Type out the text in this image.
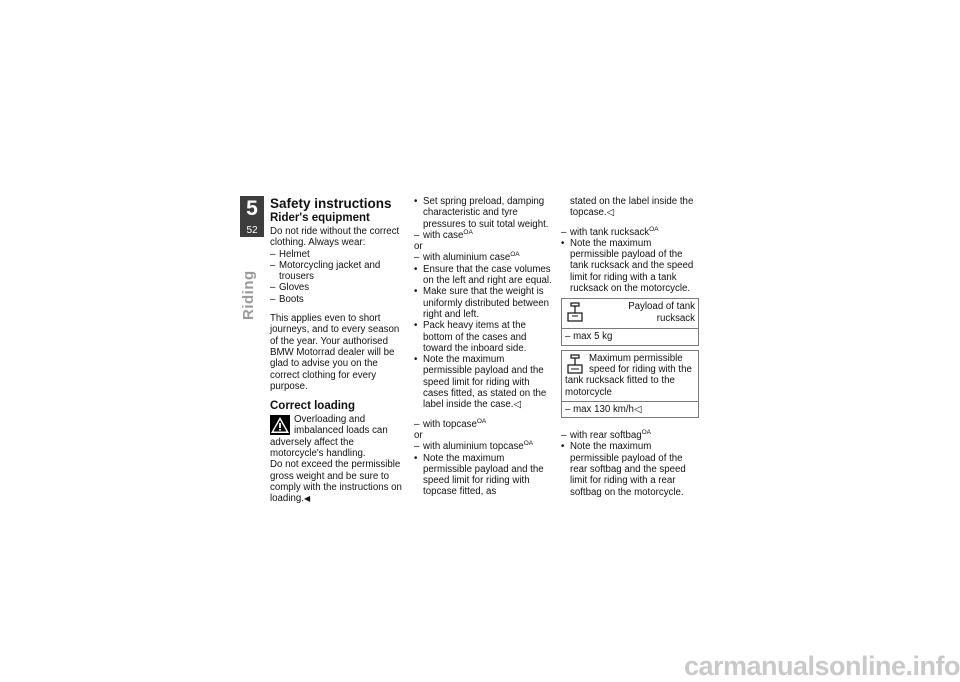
5
52
Riding
Safety instructions
Rider's equipment

Do not ride without the correct clothing. Always wear:

– Helmet

– Motorcycling jacket and trousers

– Gloves

– Boots

This applies even to short journeys, and to every season of the year. Your authorised BMW Motorrad dealer will be glad to advise you on the correct clothing for every purpose.

Correct loading

Overloading and imbalanced loads can adversely affect the motorcycle's handling.

Do not exceed the permissible gross weight and be sure to comply with the instructions on loading.◀

• Set spring preload, damping characteristic and tyre pressures to suit total weight.

– with case$^{OA}$

or

– with aluminium case$^{OA}$

• Ensure that the case volumes on the left and right are equal.

• Make sure that the weight is uniformly distributed between right and left.

• Pack heavy items at the bottom of the cases and toward the inboard side.

• Note the maximum permissible payload and the speed limit for riding with cases fitted, as stated on the label inside the case.◁

– with topcase$^{OA}$

or

– with aluminium topcase$^{OA}$

• Note the maximum permissible payload and the speed limit for riding with topcase fitted, as

stated on the label inside the topcase.◁

– with tank rucksack$^{OA}$

• Note the maximum permissible payload of the tank rucksack and the speed limit for riding with a tank rucksack on the motorcycle.

Payload of tank rucksack
– max 5 kg
Maximum permissible speed for riding with the tank rucksack fitted to the motorcycle
– max 130 km/h◁

– with rear softbag$^{OA}$

• Note the maximum permissible payload of the rear softbag and the speed limit for riding with a rear softbag on the motorcycle.

carmanualsonline.info
